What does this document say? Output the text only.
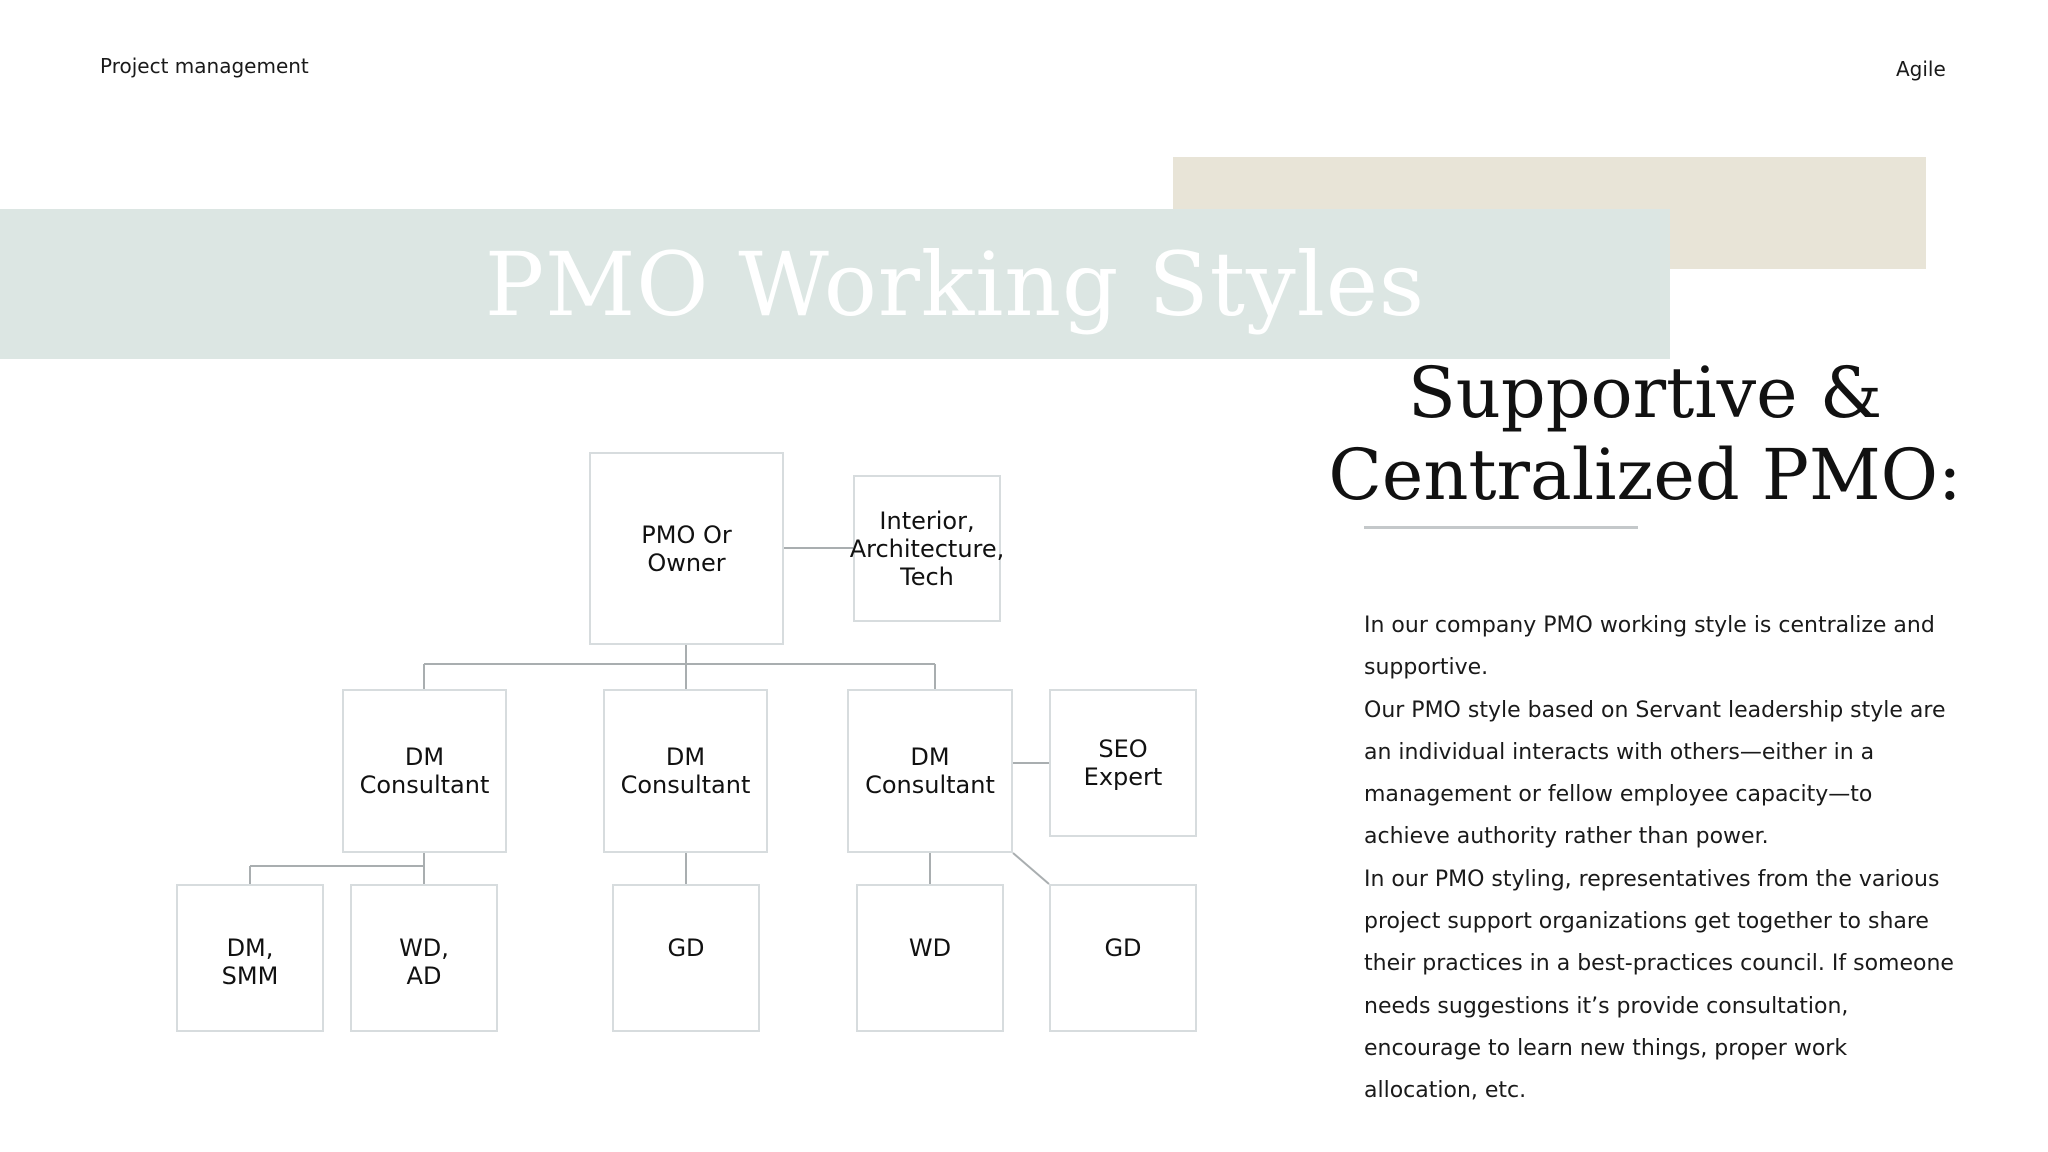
Project management	Agile
PMO Working Styles
Supportive & Centralized PMO:

In our company PMO working style is centralize and supportive.

Our PMO style based on Servant leadership style are an individual interacts with others—either in a management or fellow employee capacity—to achieve authority rather than power.

In our PMO styling, representatives from the various project support organizations get together to share their practices in a best-practices council. If someone needs suggestions it’s provide consultation, encourage to learn new things, proper work allocation, etc.

PMO Or
Owner
Interior,
Architecture,
Tech
DM
Consultant
DM
Consultant
DM
Consultant
SEO
Expert
DM,
SMM
WD,
AD
GD	WD	GD
